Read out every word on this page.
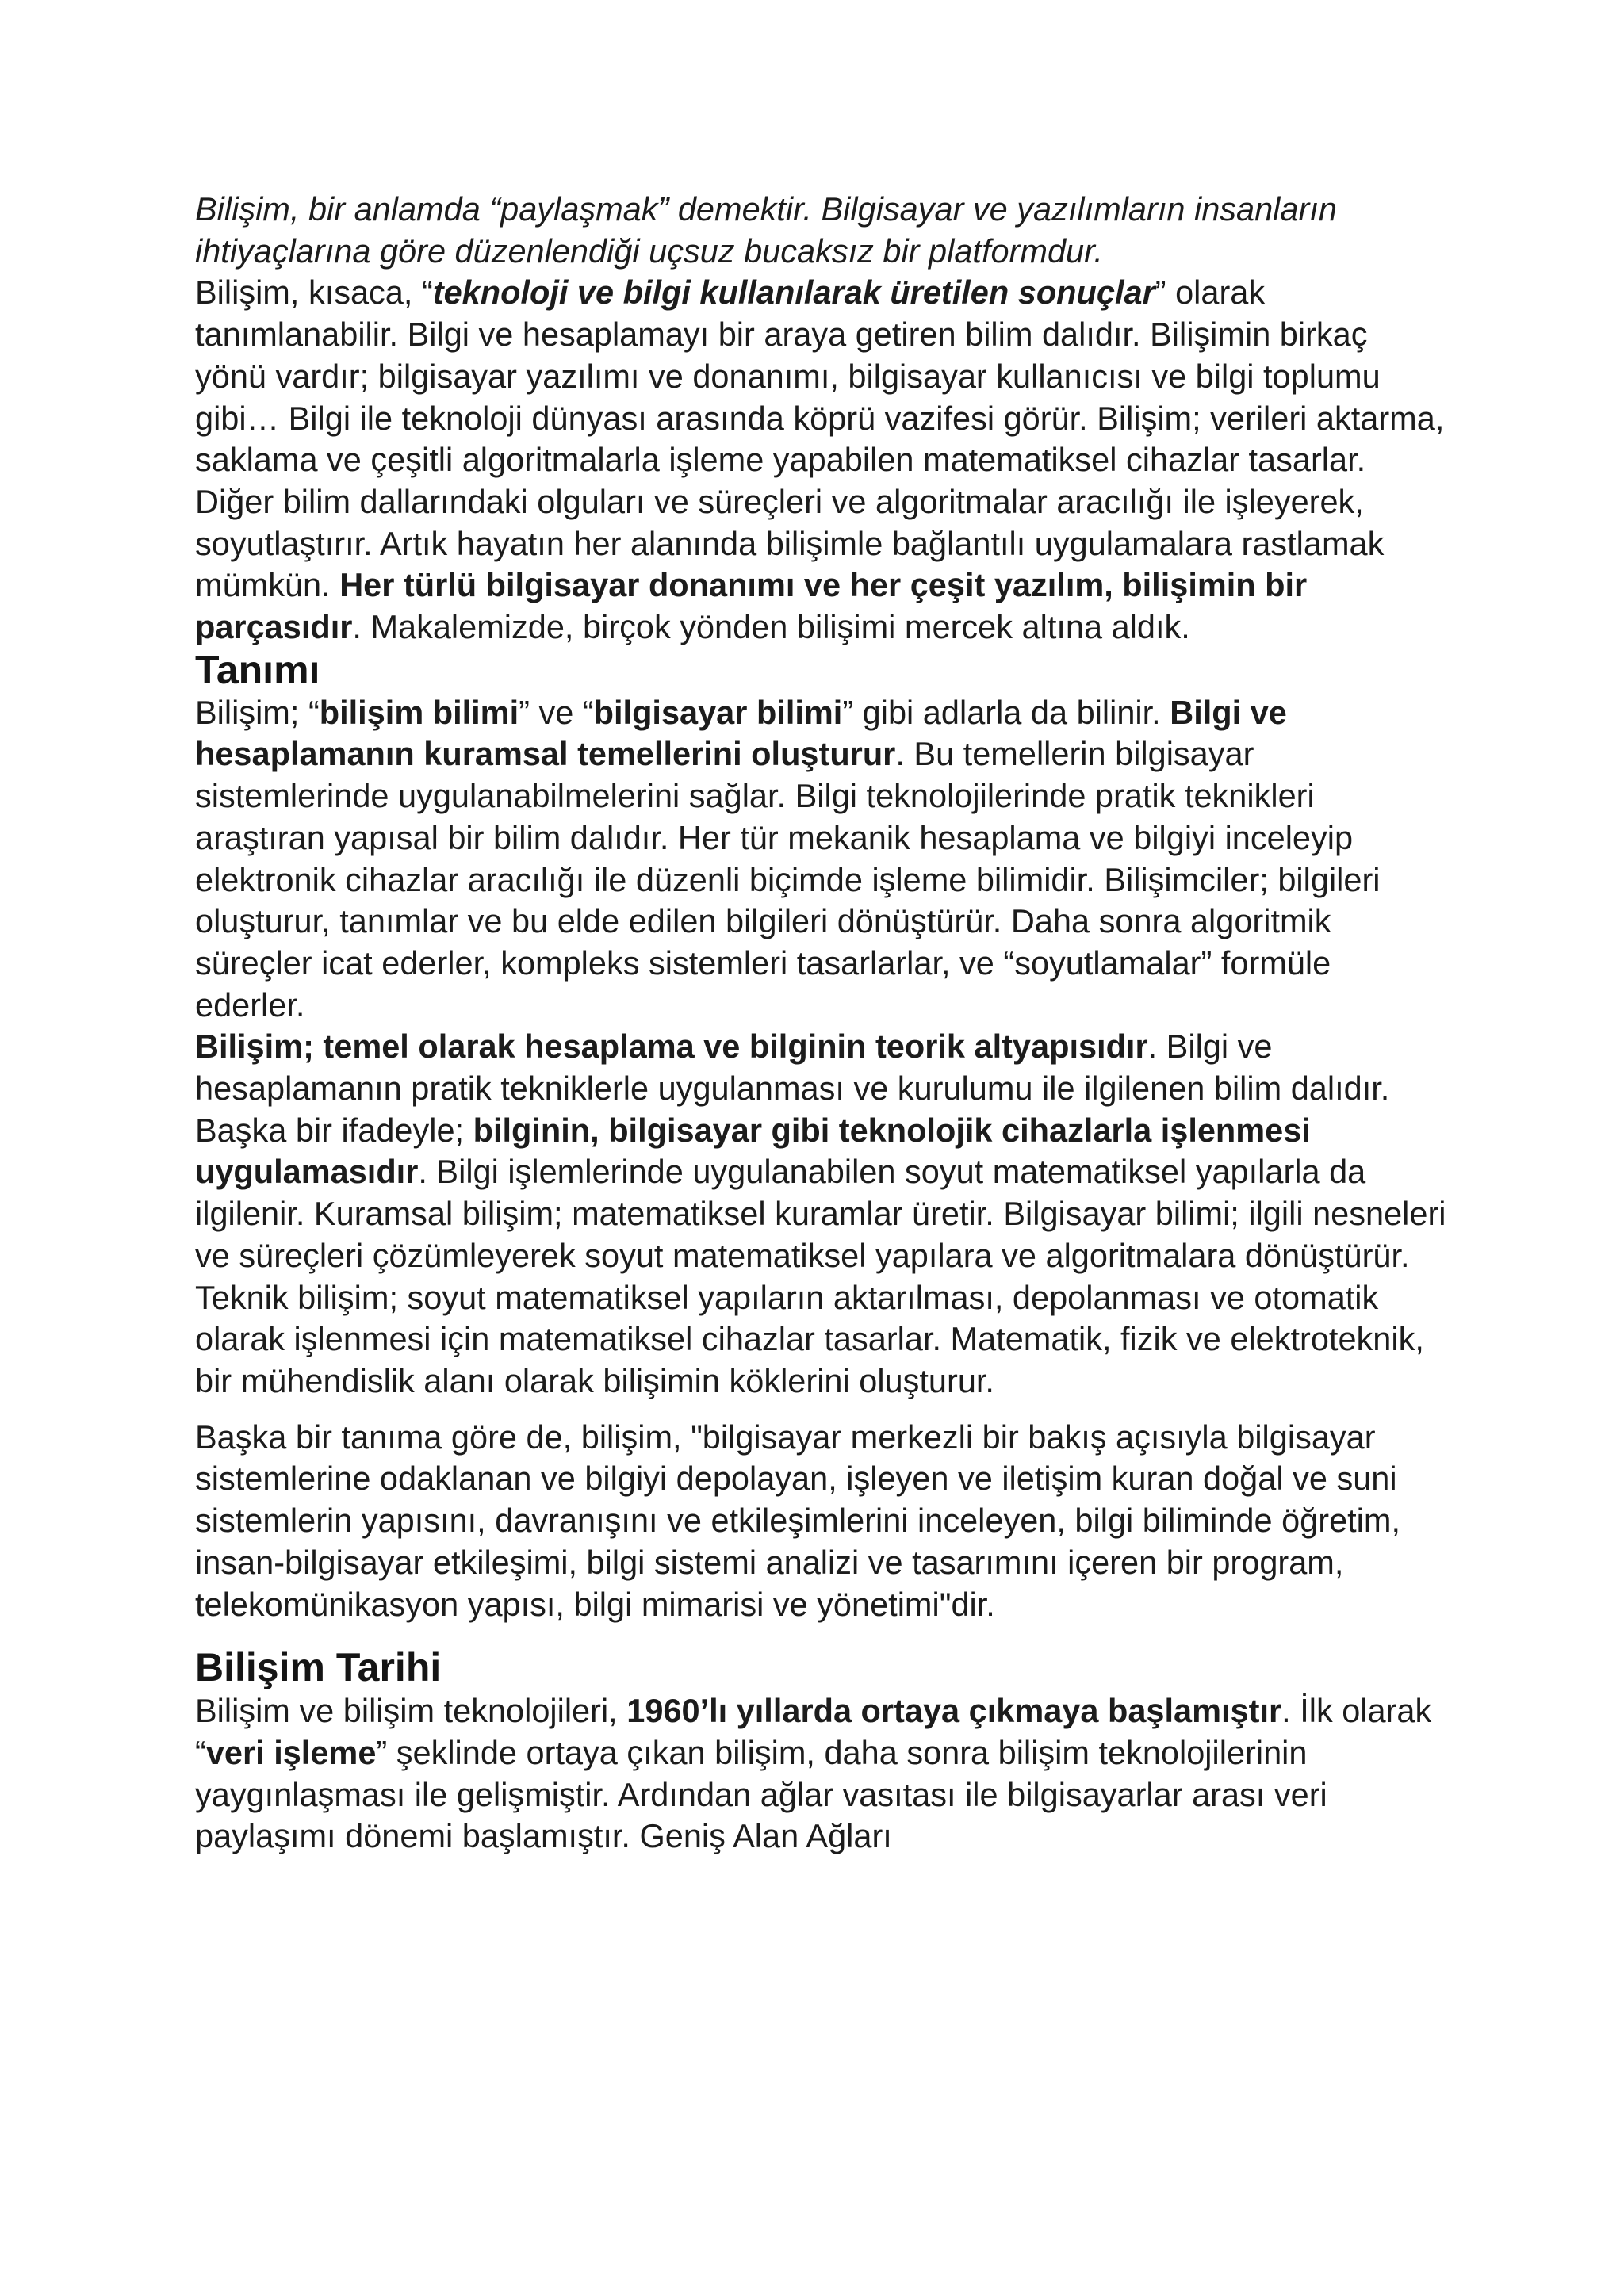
Bilişim, bir anlamda “paylaşmak” demektir. Bilgisayar ve yazılımların insanların ihtiyaçlarına göre düzenlendiği uçsuz bucaksız bir platformdur.

Bilişim, kısaca, “teknoloji ve bilgi kullanılarak üretilen sonuçlar” olarak tanımlanabilir. Bilgi ve hesaplamayı bir araya getiren bilim dalıdır. Bilişimin birkaç yönü vardır; bilgisayar yazılımı ve donanımı, bilgisayar kullanıcısı ve bilgi toplumu gibi… Bilgi ile teknoloji dünyası arasında köprü vazifesi görür. Bilişim; verileri aktarma, saklama ve çeşitli algoritmalarla işleme yapabilen matematiksel cihazlar tasarlar. Diğer bilim dallarındaki olguları ve süreçleri ve algoritmalar aracılığı ile işleyerek, soyutlaştırır. Artık hayatın her alanında bilişimle bağlantılı uygulamalara rastlamak mümkün. Her türlü bilgisayar donanımı ve her çeşit yazılım, bilişimin bir parçasıdır. Makalemizde, birçok yönden bilişimi mercek altına aldık.

Tanımı

Bilişim; “bilişim bilimi” ve “bilgisayar bilimi” gibi adlarla da bilinir. Bilgi ve hesaplamanın kuramsal temellerini oluşturur. Bu temellerin bilgisayar sistemlerinde uygulanabilmelerini sağlar. Bilgi teknolojilerinde pratik teknikleri araştıran yapısal bir bilim dalıdır. Her tür mekanik hesaplama ve bilgiyi inceleyip elektronik cihazlar aracılığı ile düzenli biçimde işleme bilimidir. Bilişimciler; bilgileri oluşturur, tanımlar ve bu elde edilen bilgileri dönüştürür. Daha sonra algoritmik süreçler icat ederler, kompleks sistemleri tasarlarlar, ve “soyutlamalar” formüle ederler.

Bilişim; temel olarak hesaplama ve bilginin teorik altyapısıdır. Bilgi ve hesaplamanın pratik tekniklerle uygulanması ve kurulumu ile ilgilenen bilim dalıdır. Başka bir ifadeyle; bilginin, bilgisayar gibi teknolojik cihazlarla işlenmesi uygulamasıdır. Bilgi işlemlerinde uygulanabilen soyut matematiksel yapılarla da ilgilenir. Kuramsal bilişim; matematiksel kuramlar üretir. Bilgisayar bilimi; ilgili nesneleri ve süreçleri çözümleyerek soyut matematiksel yapılara ve algoritmalara dönüştürür. Teknik bilişim; soyut matematiksel yapıların aktarılması, depolanması ve otomatik olarak işlenmesi için matematiksel cihazlar tasarlar. Matematik, fizik ve elektroteknik, bir mühendislik alanı olarak bilişimin köklerini oluşturur.

Başka bir tanıma göre de, bilişim, "bilgisayar merkezli bir bakış açısıyla bilgisayar sistemlerine odaklanan ve bilgiyi depolayan, işleyen ve iletişim kuran doğal ve suni sistemlerin yapısını, davranışını ve etkileşimlerini inceleyen, bilgi biliminde öğretim, insan-bilgisayar etkileşimi, bilgi sistemi analizi ve tasarımını içeren bir program, telekomünikasyon yapısı, bilgi mimarisi ve yönetimi"dir.

Bilişim Tarihi

Bilişim ve bilişim teknolojileri, 1960’lı yıllarda ortaya çıkmaya başlamıştır. İlk olarak “veri işleme” şeklinde ortaya çıkan bilişim, daha sonra bilişim teknolojilerinin yaygınlaşması ile gelişmiştir. Ardından ağlar vasıtası ile bilgisayarlar arası veri paylaşımı dönemi başlamıştır. Geniş Alan Ağları
